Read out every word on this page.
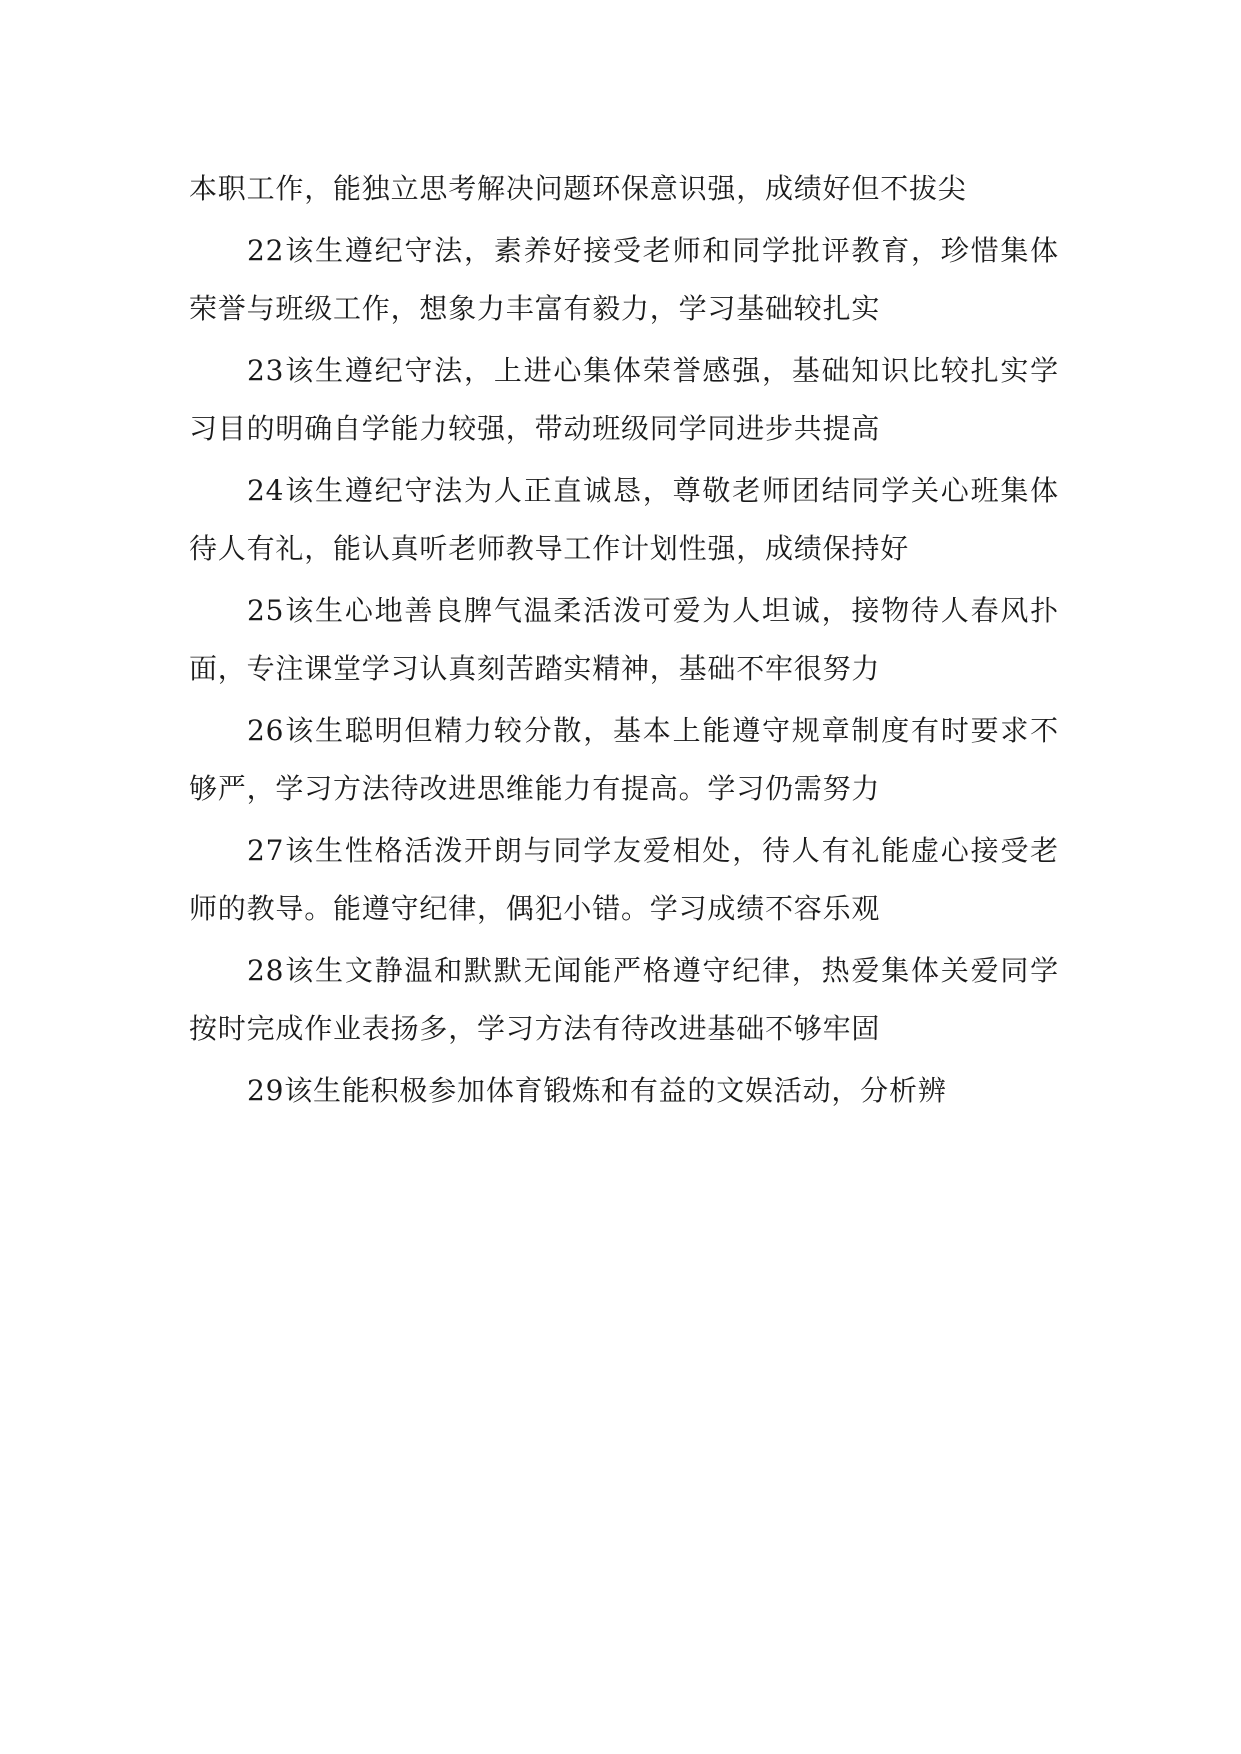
本职工作，能独立思考解决问题环保意识强，成绩好但不拔尖

22该生遵纪守法，素养好接受老师和同学批评教育，珍惜集体荣誉与班级工作，想象力丰富有毅力，学习基础较扎实

23该生遵纪守法，上进心集体荣誉感强，基础知识比较扎实学习目的明确自学能力较强，带动班级同学同进步共提高

24该生遵纪守法为人正直诚恳，尊敬老师团结同学关心班集体待人有礼，能认真听老师教导工作计划性强，成绩保持好

25该生心地善良脾气温柔活泼可爱为人坦诚，接物待人春风扑面，专注课堂学习认真刻苦踏实精神，基础不牢很努力

26该生聪明但精力较分散，基本上能遵守规章制度有时要求不够严，学习方法待改进思维能力有提高。学习仍需努力

27该生性格活泼开朗与同学友爱相处，待人有礼能虚心接受老师的教导。能遵守纪律，偶犯小错。学习成绩不容乐观

28该生文静温和默默无闻能严格遵守纪律，热爱集体关爱同学按时完成作业表扬多，学习方法有待改进基础不够牢固

29该生能积极参加体育锻炼和有益的文娱活动，分析辨
